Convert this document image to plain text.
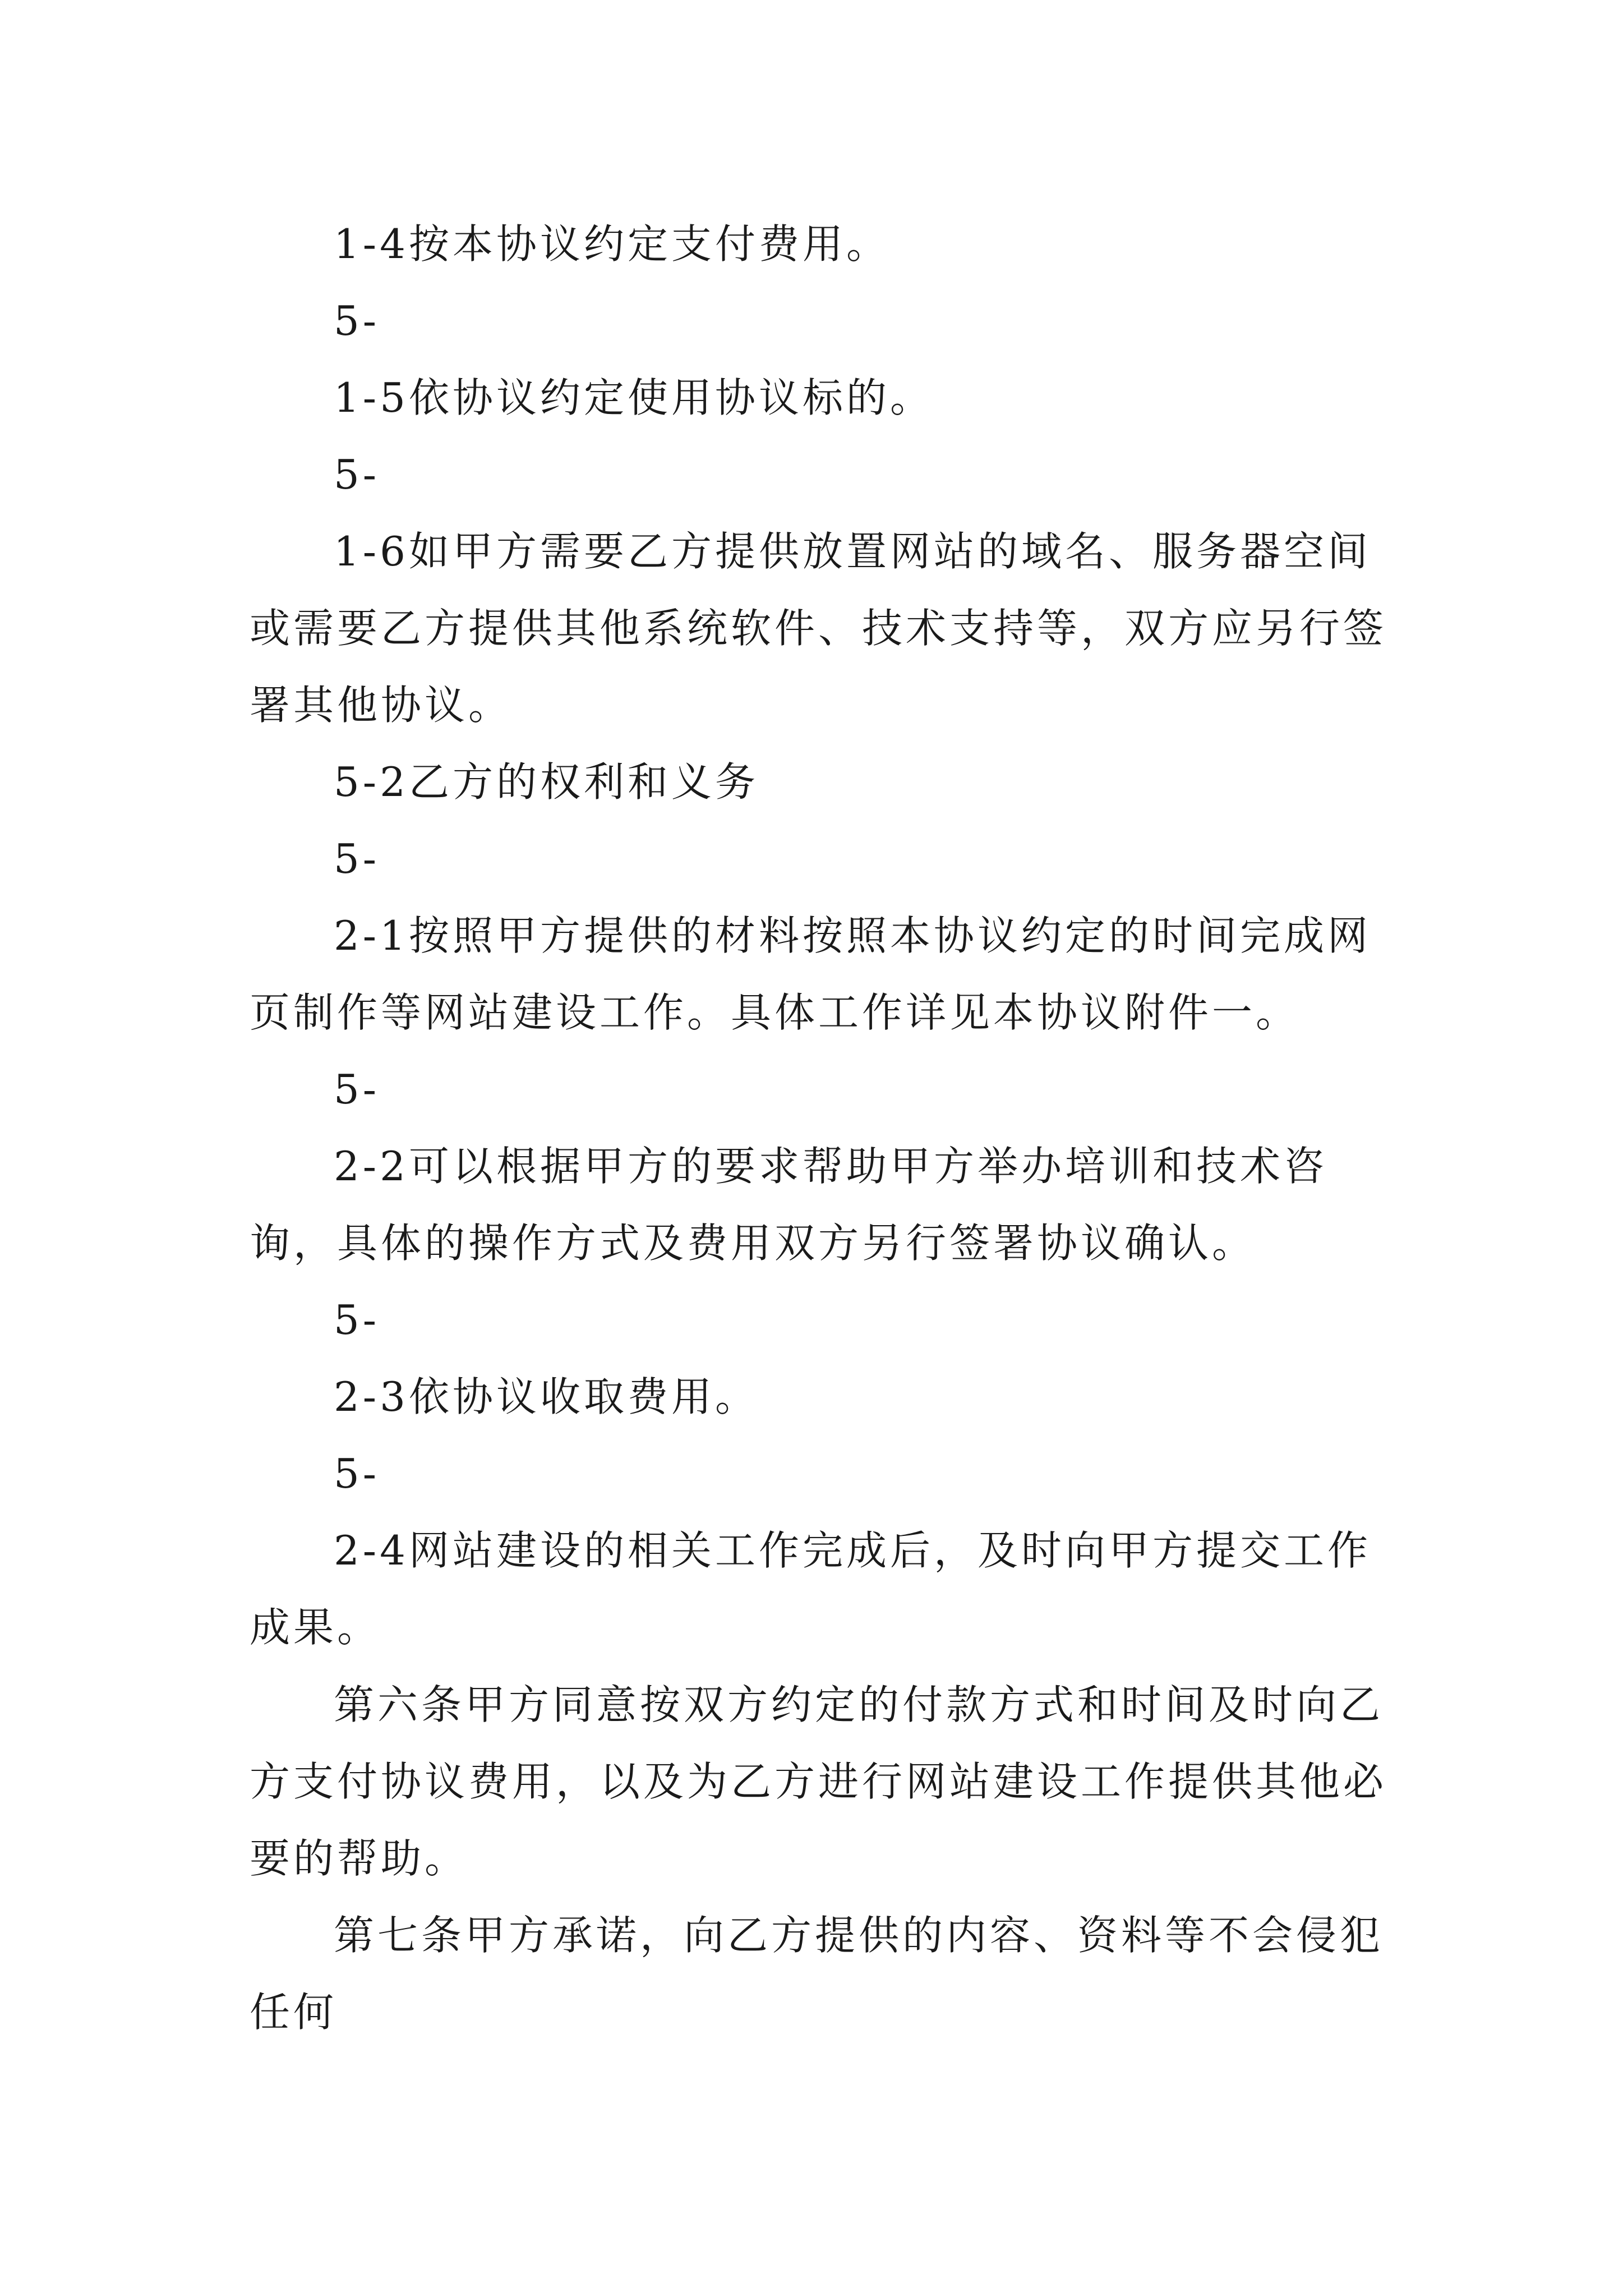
1-4按本协议约定支付费用。

5-

1-5依协议约定使用协议标的。

5-

1-6如甲方需要乙方提供放置网站的域名、服务器空间或需要乙方提供其他系统软件、技术支持等，双方应另行签署其他协议。

5-2乙方的权利和义务

5-

2-1按照甲方提供的材料按照本协议约定的时间完成网页制作等网站建设工作。具体工作详见本协议附件一。

5-

2-2可以根据甲方的要求帮助甲方举办培训和技术咨询，具体的操作方式及费用双方另行签署协议确认。

5-

2-3依协议收取费用。

5-

2-4网站建设的相关工作完成后，及时向甲方提交工作成果。

第六条甲方同意按双方约定的付款方式和时间及时向乙方支付协议费用，以及为乙方进行网站建设工作提供其他必要的帮助。

第七条甲方承诺，向乙方提供的内容、资料等不会侵犯任何
